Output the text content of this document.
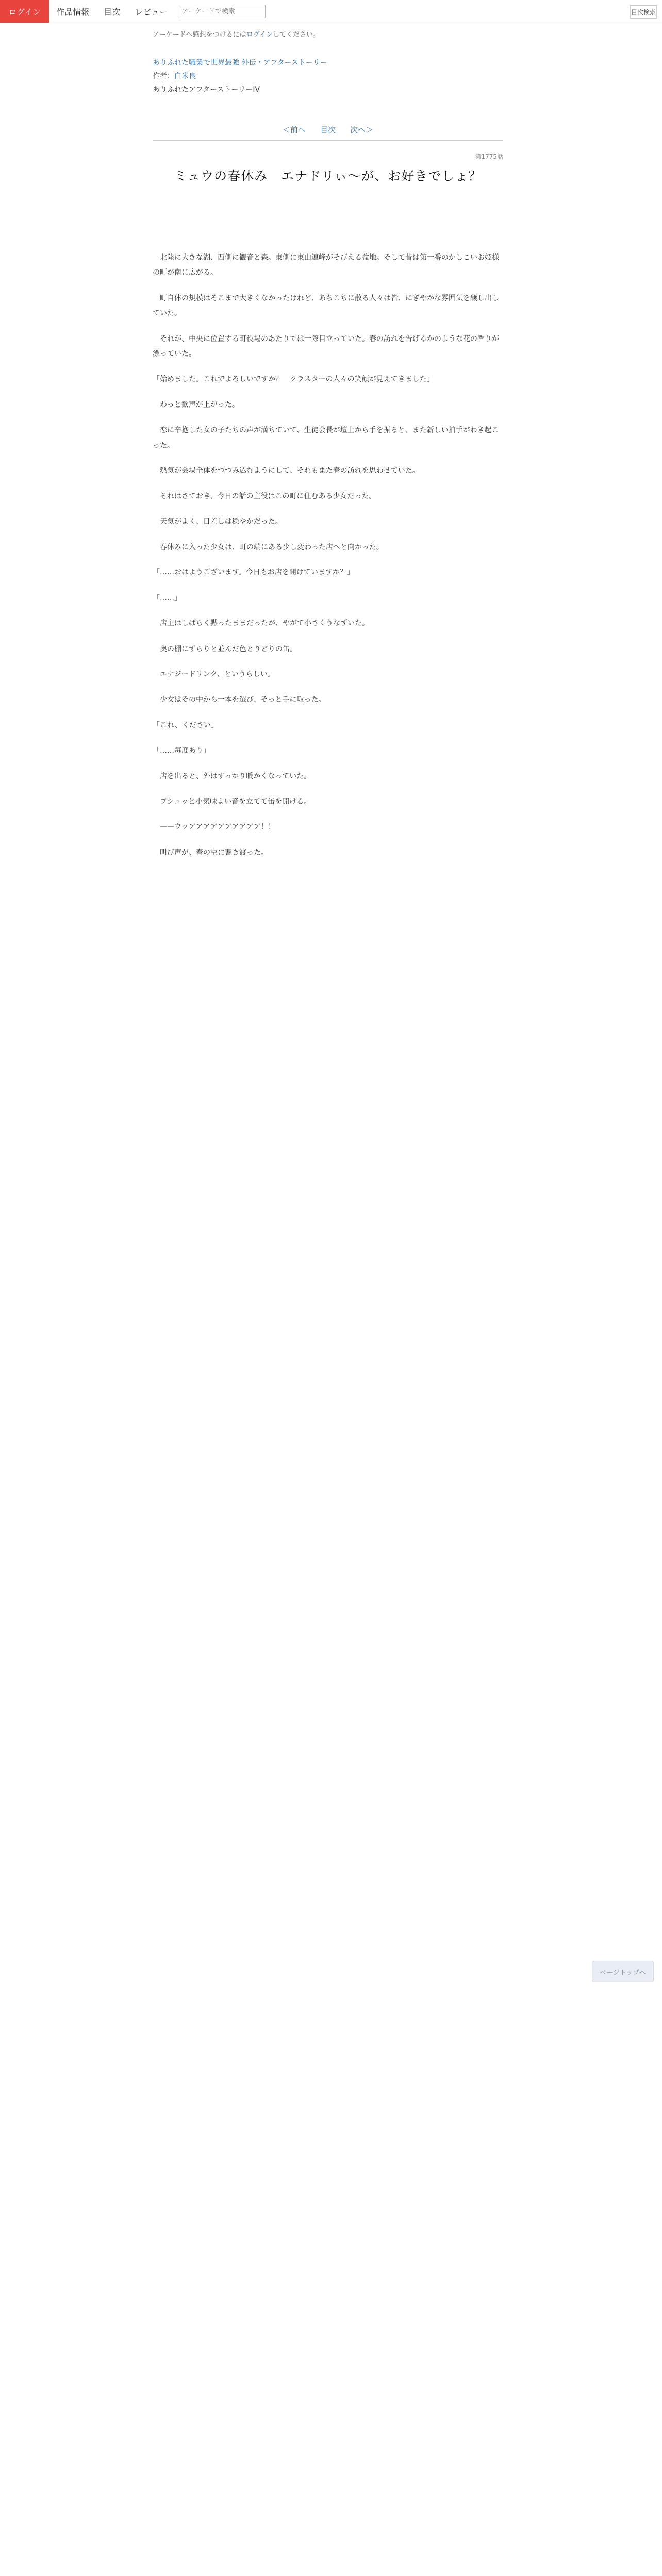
ログイン	作品情報	目次	レビュー
アーケードで検索	目次検索
アーケードへ感想をつけるにはログインしてください。
ありふれた職業で世界最強 外伝・アフターストーリー
作者：白米良
ありふれたアフターストーリーIV
＜前へ 目次 次へ＞
第1775話
ミュウの春休み　エナドリぃ〜が、お好きでしょ？

　北陸に大きな湖、西側に観音と森。東側に東山連峰がそびえる盆地。そして昔は第一番のかしこいお姫様の町が南に広がる。

　町自体の規模はそこまで大きくなかったけれど、あちこちに散る人々は皆、にぎやかな雰囲気を醸し出していた。

　それが、中央に位置する町役場のあたりでは一際目立っていた。春の訪れを告げるかのような花の香りが漂っていた。

「始めました。これでよろしいですか？　クラスターの人々の笑顔が見えてきました」

　わっと歓声が上がった。

　恋に辛抱した女の子たちの声が満ちていて、生徒会長が壇上から手を振ると、また新しい拍手がわき起こった。

　熱気が会場全体をつつみ込むようにして、それもまた春の訪れを思わせていた。

　それはさておき、今日の話の主役はこの町に住むある少女だった。

　天気がよく、日差しは穏やかだった。

　春休みに入った少女は、町の端にある少し変わった店へと向かった。

「……おはようございます。今日もお店を開けていますか？」

「……」

　店主はしばらく黙ったままだったが、やがて小さくうなずいた。

　奥の棚にずらりと並んだ色とりどりの缶。

　エナジードリンク、というらしい。

　少女はその中から一本を選び、そっと手に取った。

「これ、ください」

「……毎度あり」

　店を出ると、外はすっかり暖かくなっていた。

　プシュッと小気味よい音を立てて缶を開ける。

　——ウッアアアアアアアアアア！！

　叫び声が、春の空に響き渡った。

ページトップへ
